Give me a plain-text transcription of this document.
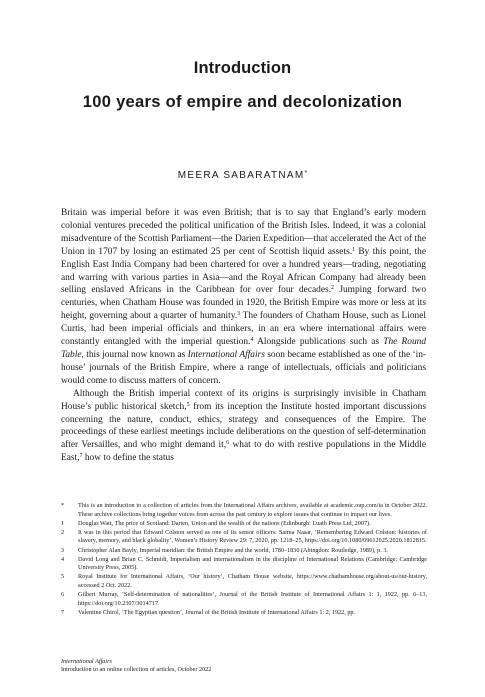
Introduction
100 years of empire and decolonization
MEERA SABARATNAM*

Britain was imperial before it was even British; that is to say that England’s early modern colonial ventures preceded the political unification of the British Isles. Indeed, it was a colonial misadventure of the Scottish Parliament—the Darien Expedition—that accelerated the Act of the Union in 1707 by losing an estimated 25 per cent of Scottish liquid assets.$^1$ By this point, the English East India Company had been chartered for over a hundred years—trading, negotiating and warring with various parties in Asia—and the Royal African Company had already been selling enslaved Africans in the Caribbean for over four decades.$^2$ Jumping forward two centuries, when Chatham House was founded in 1920, the British Empire was more or less at its height, governing about a quarter of humanity.$^3$ The founders of Chatham House, such as Lionel Curtis, had been imperial officials and thinkers, in an era where international affairs were constantly entangled with the imperial question.$^4$ Alongside publications such as The Round Table, this journal now known as International Affairs soon became established as one of the ‘in-house’ journals of the British Empire, where a range of intellectuals, officials and politicians would come to discuss matters of concern.

Although the British imperial context of its origins is surprisingly invisible in Chatham House’s public historical sketch,$^5$ from its inception the Institute hosted important discussions concerning the nature, conduct, ethics, strategy and consequences of the Empire. The proceedings of these earliest meetings include deliberations on the question of self-determination after Versailles, and who might demand it,$^6$ what to do with restive populations in the Middle East,$^7$ how to define the status

* This is an introduction to a collection of articles from the International Affairs archives, available at academic.oup.com/ia in October 2022. These archive collections bring together voices from across the past century to explore issues that continue to impact our lives.
1 Douglas Watt, The price of Scotland: Darien, Union and the wealth of the nations (Edinburgh: Luath Press Ltd, 2007).
2 It was in this period that Edward Colston served as one of its senior officers: Saima Nasar, ‘Remembering Edward Colston: histories of slavery, memory, and black globality’, Women’s History Review 29: 7, 2020, pp. 1218–25, https://doi.org/10.1080/09612025.2020.1812815.
3 Christopher Alan Bayly, Imperial meridian: the British Empire and the world, 1780–1830 (Abingdon: Routledge, 1989), p. 3.
4 David Long and Brian C. Schmidt, Imperialism and internationalism in the discipline of International Relations (Cambridge: Cambridge University Press, 2005).
5 Royal Institute for International Affairs, ‘Our history’, Chatham House website, https://www.chathamhouse.org/about-us/our-history, accessed 2 Oct. 2022.
6 Gilbert Murray, ‘Self-determination of nationalities’, Journal of the British Institute of International Affairs 1: 1, 1922, pp. 6–13, https://doi.org/10.2307/3014717.
7 Valentine Chirol, ‘The Egyptian question’, Journal of the British Institute of International Affairs 1: 2, 1922, pp.
International Affairs
Introduction to an online collection of articles, October 2022
